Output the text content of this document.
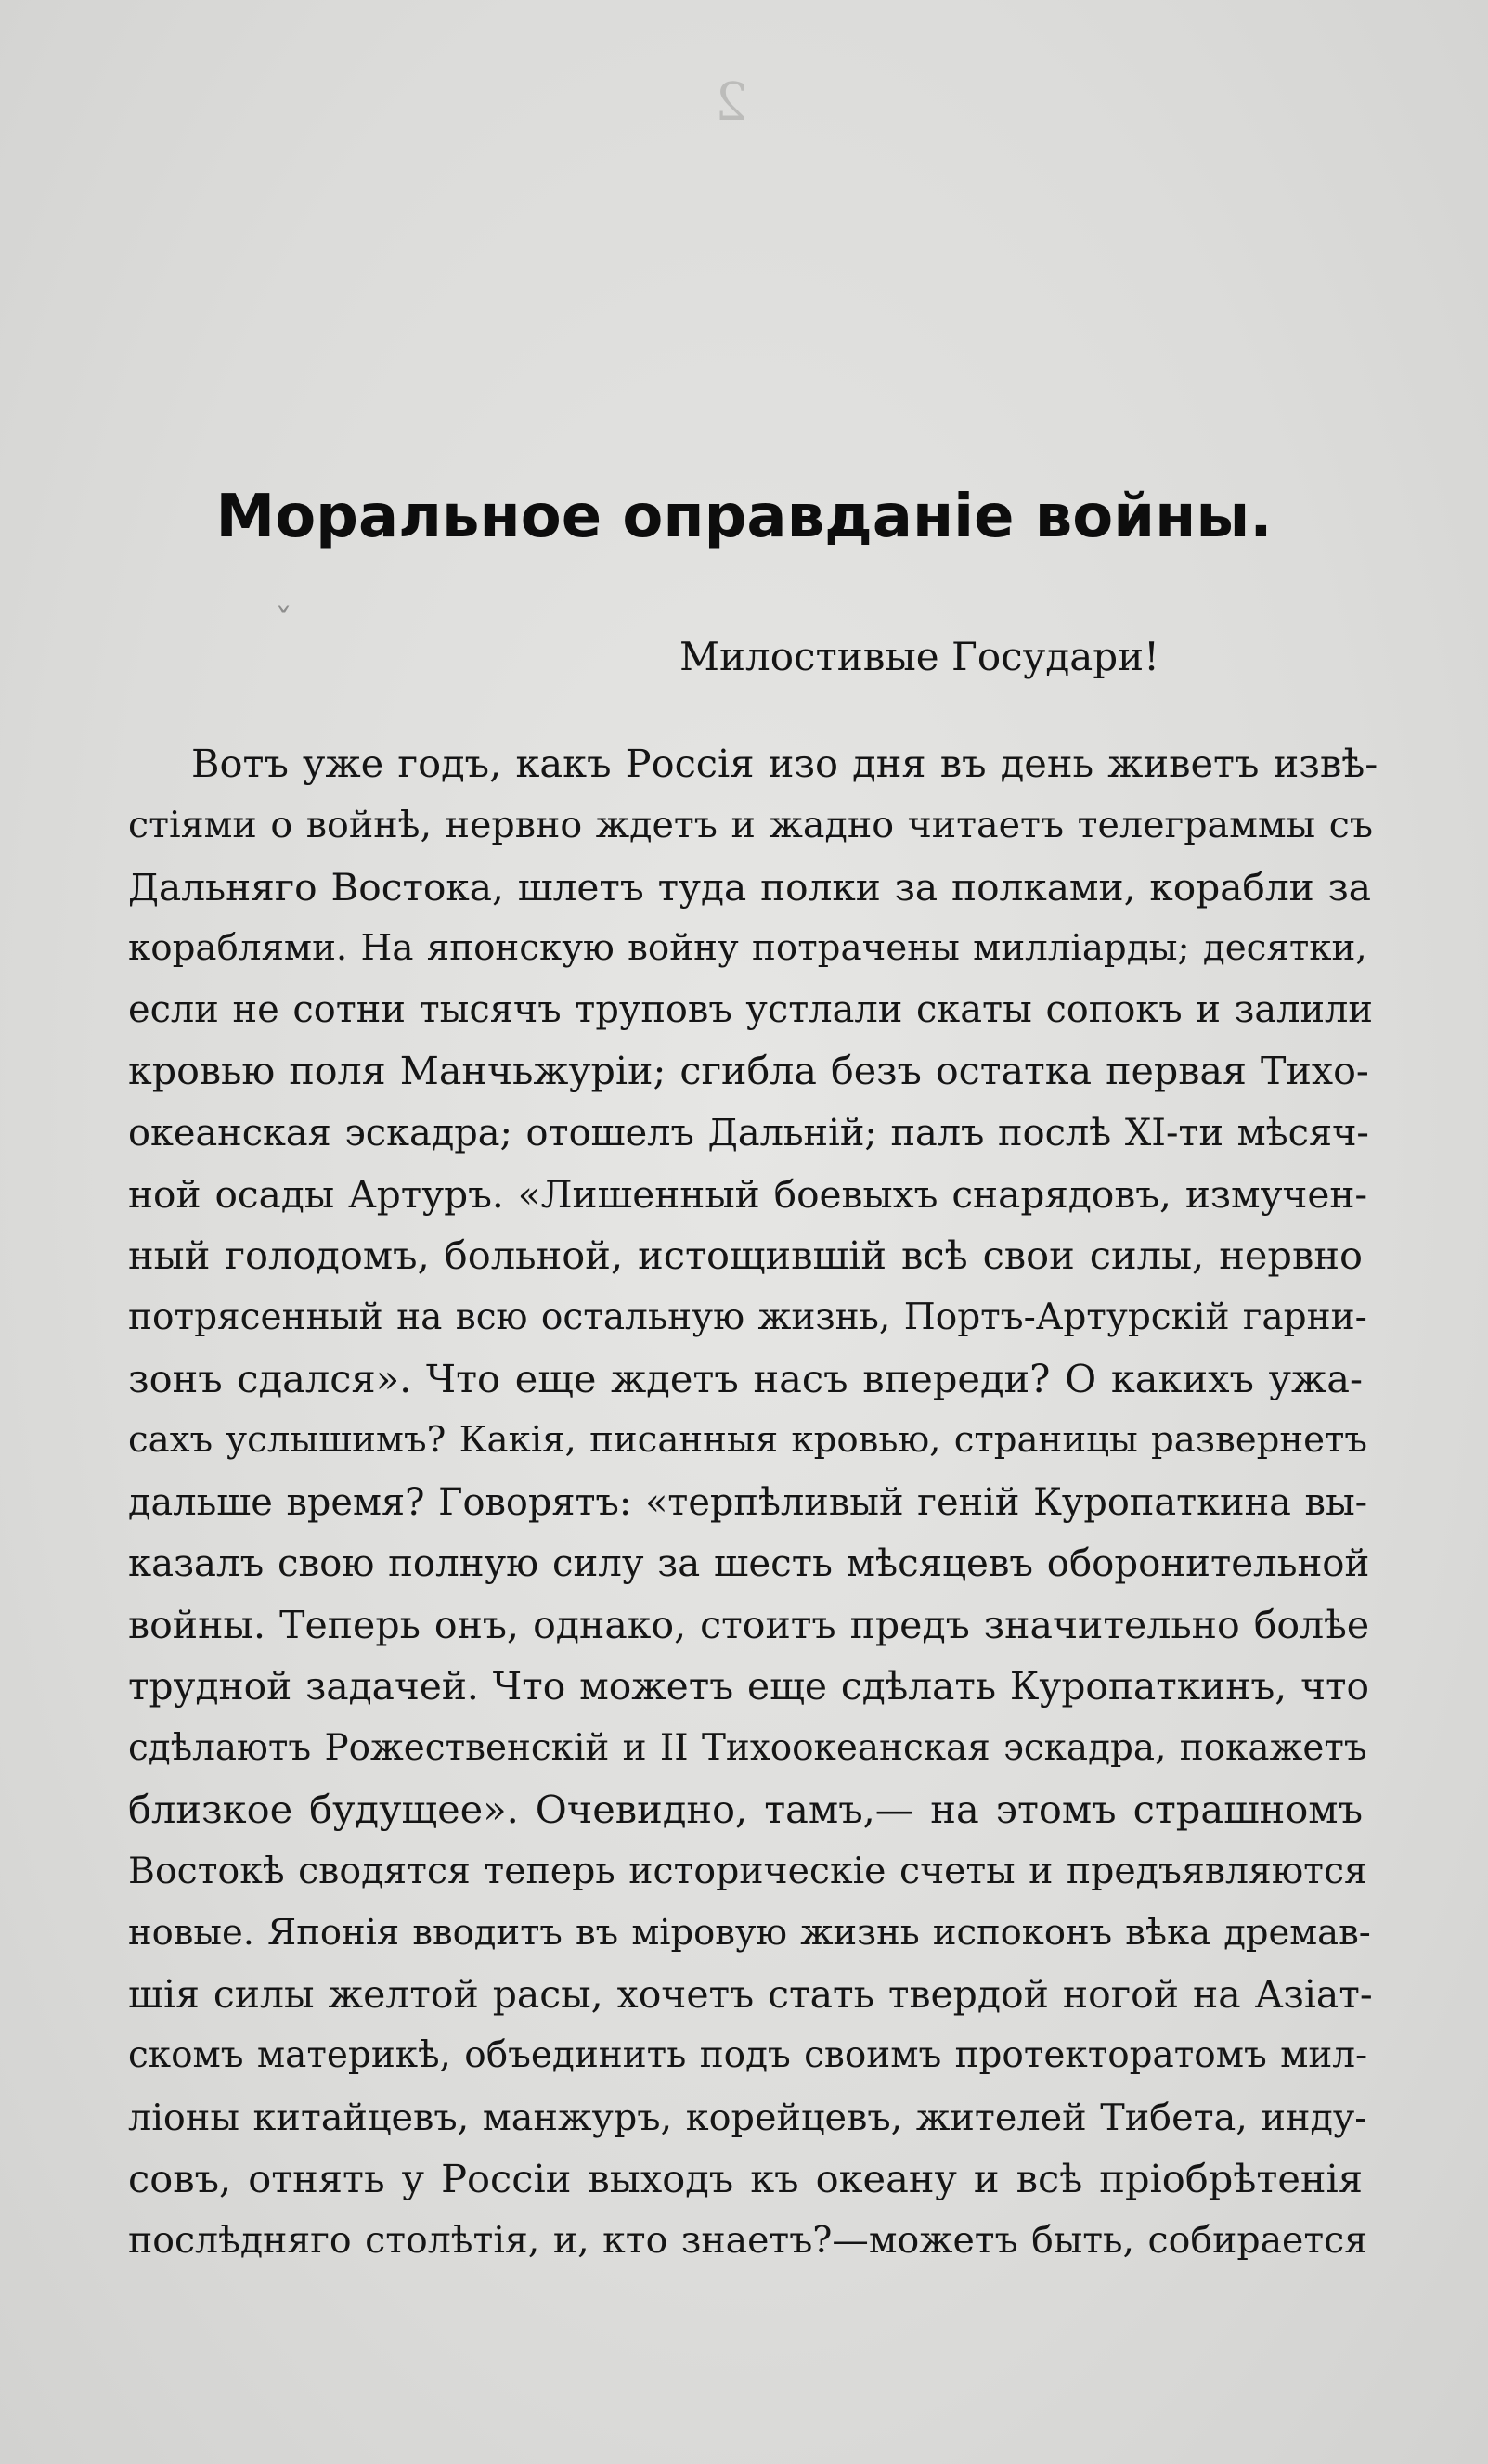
2
ˇ
Моральное оправданіе войны.
Милостивые Государи!
Вотъ уже годъ, какъ Россія изо дня въ день живетъ извѣ-
стіями о войнѣ, нервно ждетъ и жадно читаетъ телеграммы съ
Дальняго Востока, шлетъ туда полки за полками, корабли за
кораблями. На японскую войну потрачены милліарды; десятки,
если не сотни тысячъ труповъ устлали скаты сопокъ и залили
кровью поля Манчьжуріи; сгибла безъ остатка первая Тихо-
океанская эскадра; отошелъ Дальній; палъ послѣ XI-ти мѣсяч-
ной осады Артуръ. «Лишенный боевыхъ снарядовъ, измучен-
ный голодомъ, больной, истощившій всѣ свои силы, нервно
потрясенный на всю остальную жизнь, Портъ-Артурскій гарни-
зонъ сдался». Что еще ждетъ насъ впереди? О какихъ ужа-
сахъ услышимъ? Какія, писанныя кровью, страницы развернетъ
дальше время? Говорятъ: «терпѣливый геній Куропаткина вы-
казалъ свою полную силу за шесть мѣсяцевъ оборонительной
войны. Теперь онъ, однако, стоитъ предъ значительно болѣе
трудной задачей. Что можетъ еще сдѣлать Куропаткинъ, что
сдѣлаютъ Рожественскій и II Тихоокеанская эскадра, покажетъ
близкое будущее». Очевидно, тамъ,— на этомъ страшномъ
Востокѣ сводятся теперь историческіе счеты и предъявляются
новые. Японія вводитъ въ міровую жизнь испоконъ вѣка дремав-
шія силы желтой расы, хочетъ стать твердой ногой на Азіат-
скомъ материкѣ, объединить подъ своимъ протекторатомъ мил-
ліоны китайцевъ, манжуръ, корейцевъ, жителей Тибета, инду-
совъ, отнять у Россіи выходъ къ океану и всѣ пріобрѣтенія
послѣдняго столѣтія, и, кто знаетъ?—можетъ быть, собирается
